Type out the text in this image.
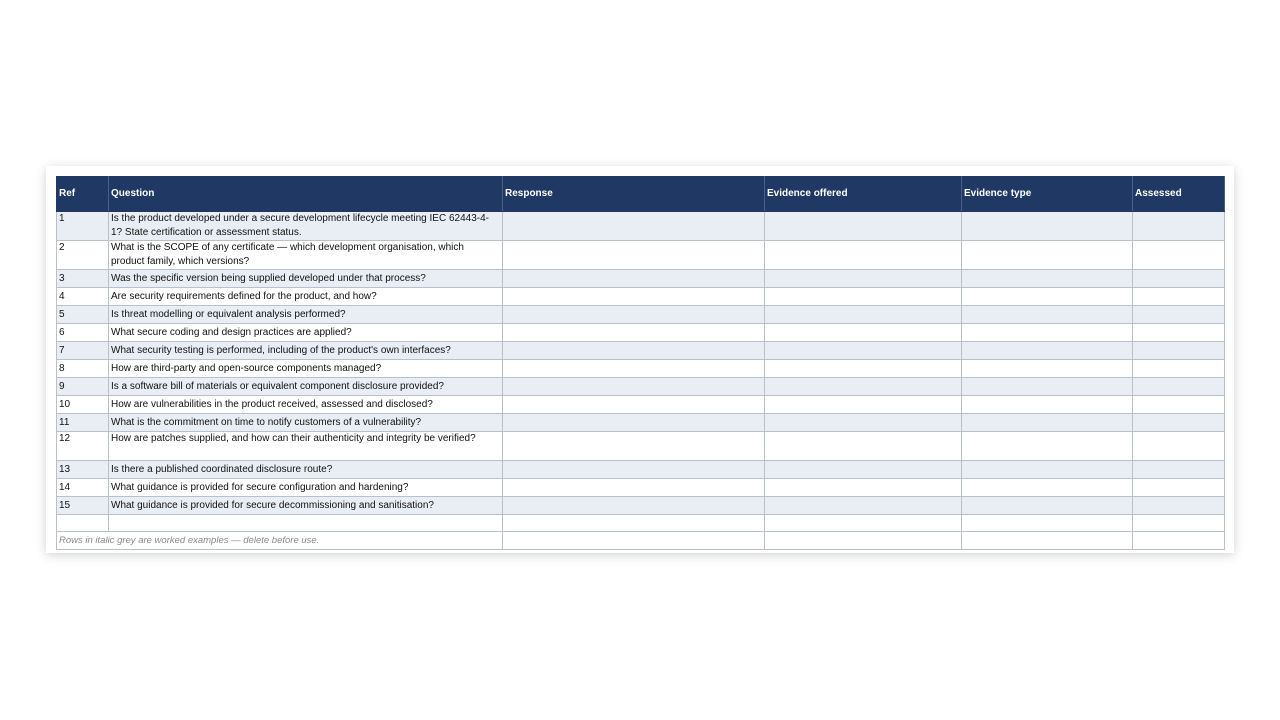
Ref	Question	Response	Evidence offered	Evidence type	Assessed
1	Is the product developed under a secure development lifecycle meeting IEC 62443-4-1? State certification or assessment status.				
2	What is the SCOPE of any certificate — which development organisation, which product family, which versions?				
3	Was the specific version being supplied developed under that process?				
4	Are security requirements defined for the product, and how?				
5	Is threat modelling or equivalent analysis performed?				
6	What secure coding and design practices are applied?				
7	What security testing is performed, including of the product's own interfaces?				
8	How are third-party and open-source components managed?				
9	Is a software bill of materials or equivalent component disclosure provided?				
10	How are vulnerabilities in the product received, assessed and disclosed?				
11	What is the commitment on time to notify customers of a vulnerability?				
12	How are patches supplied, and how can their authenticity and integrity be verified?				
13	Is there a published coordinated disclosure route?				
14	What guidance is provided for secure configuration and hardening?				
15	What guidance is provided for secure decommissioning and sanitisation?				

Rows in italic grey are worked examples — delete before use.					
